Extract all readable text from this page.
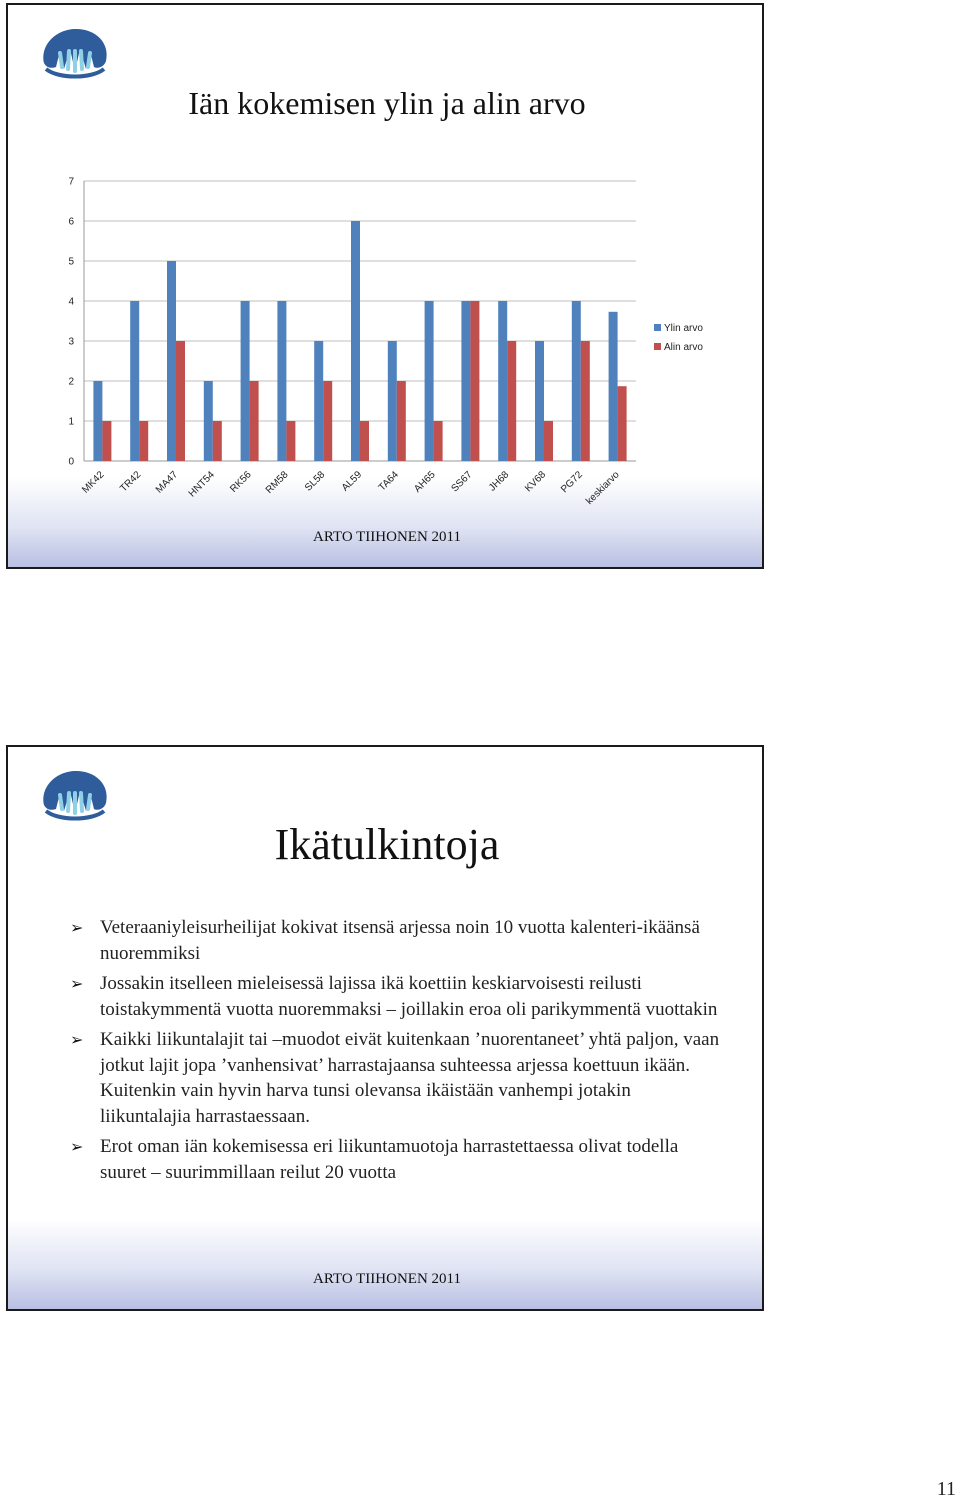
Iän kokemisen ylin ja alin arvo
0
1
2
3
4
5
6
7
MK42 TR42 MA47 HNT54 RK56 RM58 SL58 AL59 TA64 AH65 SS67 JH68 KV68 PG72 keskiarvo
Ylin arvo
Alin arvo
ARTO TIIHONEN 2011
Ikätulkintoja
➢ Veteraaniyleisurheilijat kokivat itsensä arjessa noin 10 vuotta kalenteri-ikäänsä nuoremmiksi
➢ Jossakin itselleen mieleisessä lajissa ikä koettiin keskiarvoisesti reilusti toistakymmentä vuotta nuoremmaksi – joillakin eroa oli parikymmentä vuottakin
➢ Kaikki liikuntalajit tai –muodot eivät kuitenkaan ’nuorentaneet’ yhtä paljon, vaan jotkut lajit jopa ’vanhensivat’ harrastajaansa suhteessa arjessa koettuun ikään. Kuitenkin vain hyvin harva tunsi olevansa ikäistään vanhempi jotakin liikuntalajia harrastaessaan.
➢ Erot oman iän kokemisessa eri liikuntamuotoja harrastettaessa olivat todella suuret – suurimmillaan reilut 20 vuotta
ARTO TIIHONEN 2011
11
